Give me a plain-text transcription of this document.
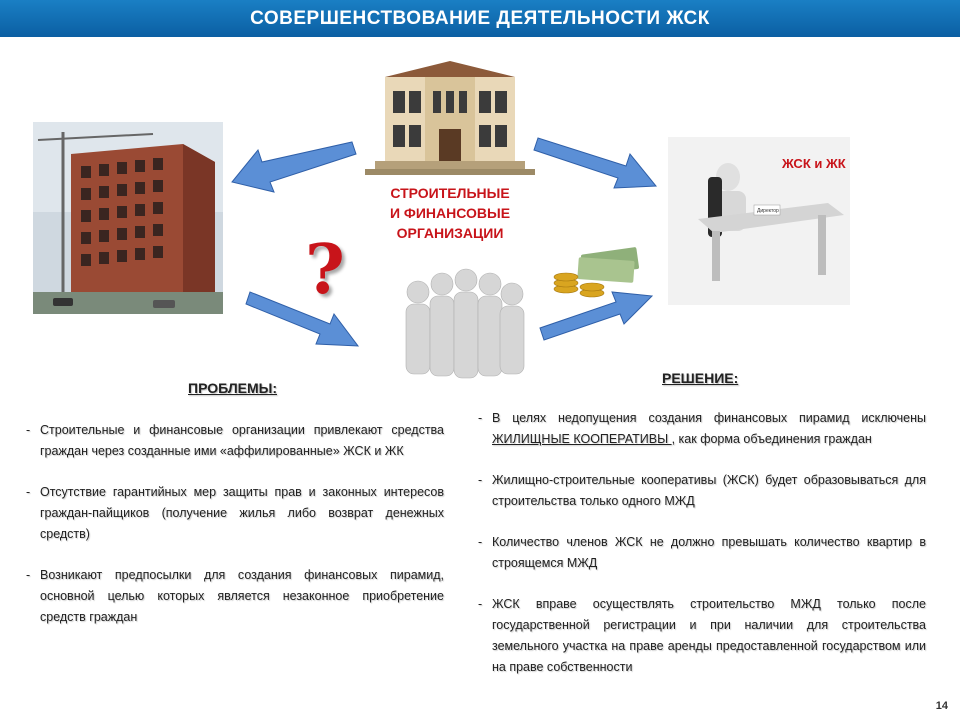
СОВЕРШЕНСТВОВАНИЕ ДЕЯТЕЛЬНОСТИ ЖСК
СТРОИТЕЛЬНЫЕ
И ФИНАНСОВЫЕ
ОРГАНИЗАЦИИ
Директор
ЖСК и ЖК
?
ПРОБЛЕМЫ:
- Строительные и финансовые организации привлекают средства граждан через созданные ими «аффилированные» ЖСК и ЖК
- Отсутствие гарантийных мер защиты прав и законных интересов граждан-пайщиков (получение жилья либо возврат денежных средств)
- Возникают предпосылки для создания финансовых пирамид, основной целью которых является незаконное приобретение средств граждан
РЕШЕНИЕ:
- В целях недопущения создания финансовых пирамид исключены ЖИЛИЩНЫЕ КООПЕРАТИВЫ , как форма объединения граждан
- Жилищно-строительные кооперативы (ЖСК) будет образовываться для строительства только одного МЖД
- Количество членов ЖСК не должно превышать количество квартир в строящемся МЖД
- ЖСК вправе осуществлять строительство МЖД только после государственной регистрации и при наличии для строительства земельного участка на праве аренды предоставленной государством или на праве собственности
14
